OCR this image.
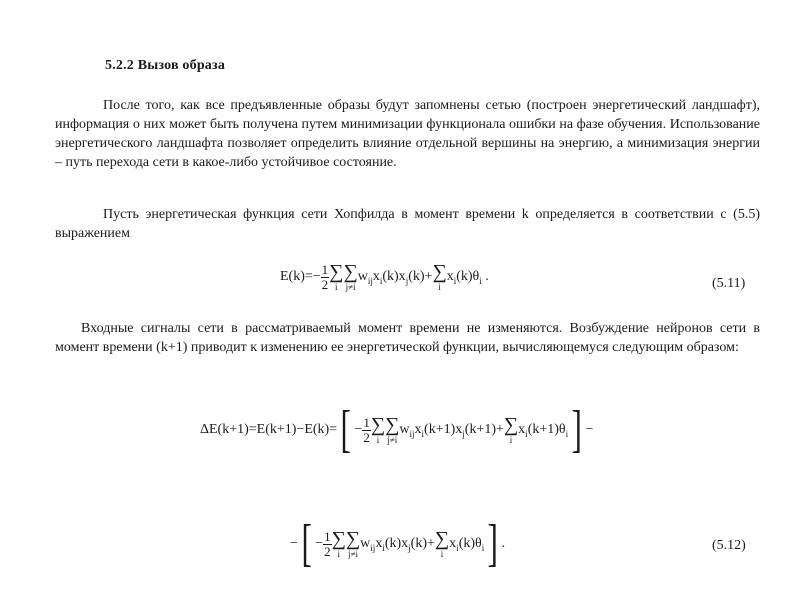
5.2.2 Вызов образа

После того, как все предъявленные образы будут запомнены сетью (построен энергетический ландшафт), информация о них может быть получена путем минимизации функционала ошибки на фазе обучения. Использование энергетического ландшафта позволяет определить влияние отдельной вершины на энергию, а минимизация энергии – путь перехода сети в какое-либо устойчивое состояние.

Пусть энергетическая функция сети Хопфилда в момент времени k определяется в соответствии с (5.5) выражением

$E(k)=- \frac{1}{2}$ ∑
i
∑
j≠i
$w_{ij}x_i(k)x_j(k)+$ ∑
i
$x_i(k)\theta_i$ .	(5.11)

Входные сигналы сети в рассматриваемый момент времени не изменяются. Возбуждение нейронов сети в момент времени (k+1) приводит к изменению ее энергетической функции, вычисляющемуся следующим образом:

$\Delta E(k+1)=E(k+1)-E(k)=[ - \frac{1}{2}$ ∑
i
∑
j≠i
$w_{ij}x_i(k+1)x_j(k+1)+$ ∑
i
$x_i(k+1)\theta_i$] −
−[ − $\frac{1}{2}$ ∑
i
∑
j≠i
$w_{ij}x_i(k)x_j(k)+$ ∑
i
$x_i(k)\theta_i$] .	(5.12)
